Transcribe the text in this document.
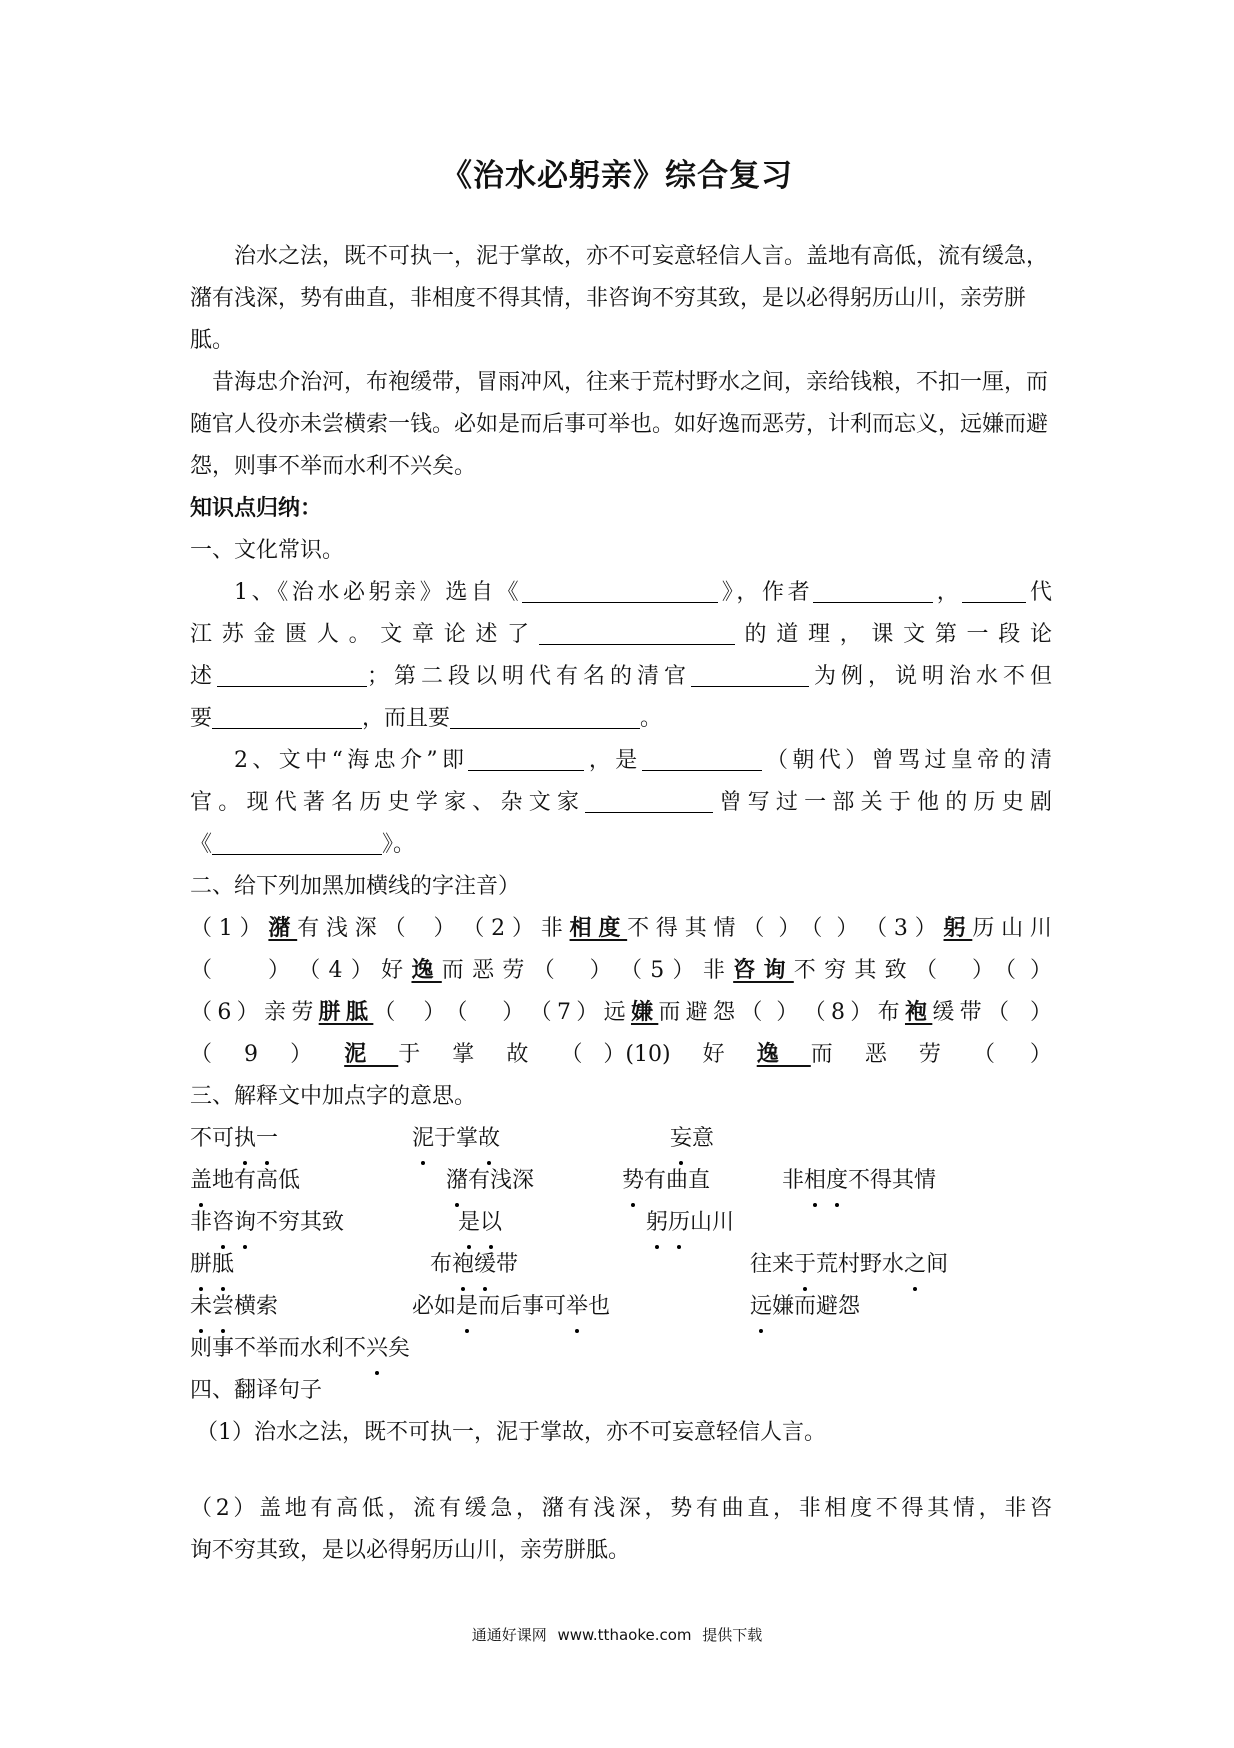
《治水必躬亲》综合复习

治水之法，既不可执一，泥于掌故，亦不可妄意轻信人言。盖地有高低，流有缓急，潴有浅深，势有曲直，非相度不得其情，非咨询不穷其致，是以必得躬历山川，亲劳胼胝。

昔海忠介治河，布袍缓带，冒雨冲风，往来于荒村野水之间，亲给钱粮，不扣一厘，而随官人役亦未尝横索一钱。必如是而后事可举也。如好逸而恶劳，计利而忘义，远嫌而避怨，则事不举而水利不兴矣。

知识点归纳：

一、文化常识。

1、《治水必躬亲》选自《	》，作者	，	代

江苏金匮人。文章论述了	的道理，课文第一段论

述	；第二段以明代有名的清官	为例，说明治水不但

要	，而且要	。

2、文中“海忠介”即	，是	（朝代）曾骂过皇帝的清

官。现代著名历史学家、杂文家	曾写过一部关于他的历史剧

《	》。

二、给下列加黑加横线的字注音）

（1）潴有浅深（    ）（2）非相度不得其情（  ）（  ）（3）躬历山川

（        ）（4）好逸而恶劳（     ）（5）非咨询不穷其致（     ）（  ）

（6）亲劳胼胝（    ）（     ）（7）远嫌而避怨（  ）（8）布袍缓带（   ）

（9）泥于掌故（   ）(10)好逸而恶劳（     ）

三、解释文中加点字的意思。

不可执一	泥于掌故	妄意
盖地有高低	潴有浅深	势有曲直	非相度不得其情
非咨询不穷其致	是以	躬历山川
胼胝	布袍缓带	往来于荒村野水之间
未尝横索	必如是而后事可举也	远嫌而避怨
则事不举而水利不兴矣

四、翻译句子

（1）治水之法，既不可执一，泥于掌故，亦不可妄意轻信人言。

（2）盖地有高低，流有缓急，潴有浅深，势有曲直，非相度不得其情，非咨

询不穷其致，是以必得躬历山川，亲劳胼胝。

通通好课网 www.tthaoke.com 提供下载
